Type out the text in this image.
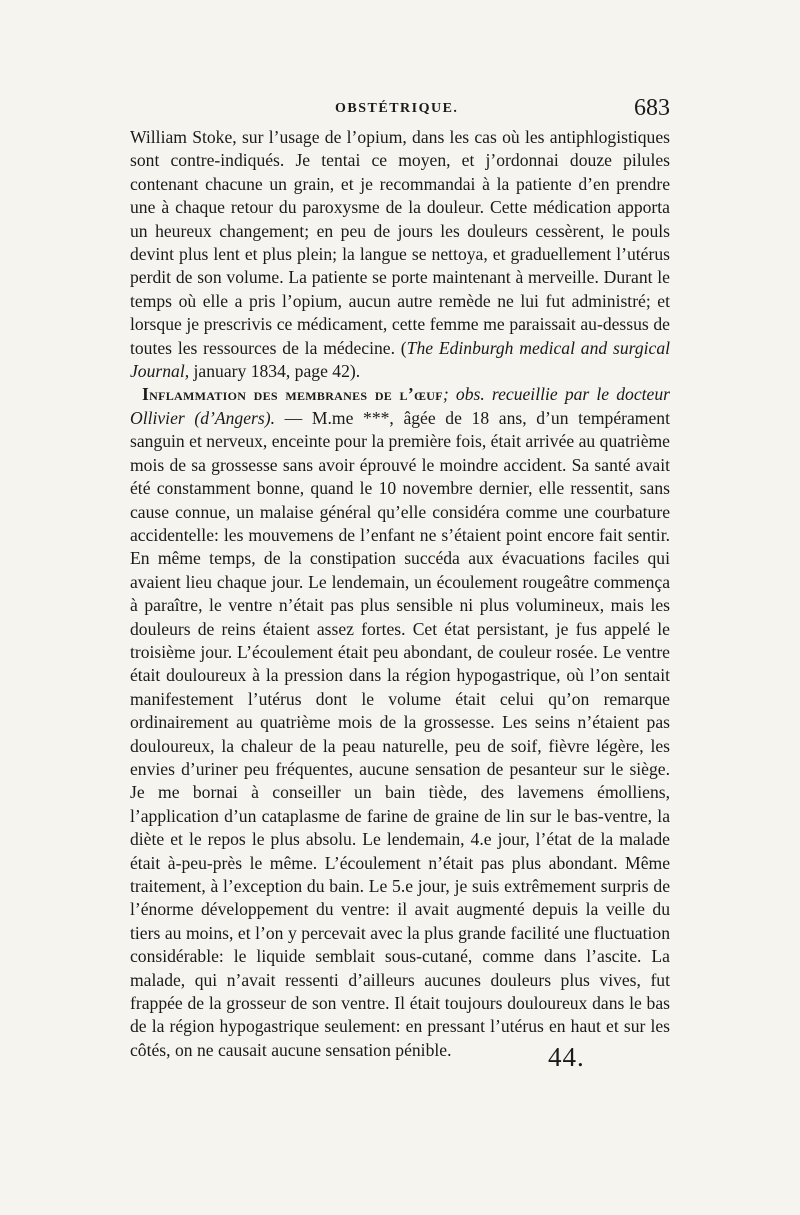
OBSTÉTRIQUE.	683

William Stoke, sur l’usage de l’opium, dans les cas où les antiphlogistiques sont contre-indiqués. Je tentai ce moyen, et j’ordonnai douze pilules contenant chacune un grain, et je recommandai à la patiente d’en prendre une à chaque retour du paroxysme de la douleur. Cette médication apporta un heureux changement; en peu de jours les douleurs cessèrent, le pouls devint plus lent et plus plein; la langue se nettoya, et graduellement l’utérus perdit de son volume. La patiente se porte maintenant à merveille. Durant le temps où elle a pris l’opium, aucun autre remède ne lui fut administré; et lorsque je prescrivis ce médicament, cette femme me paraissait au-dessus de toutes les ressources de la médecine. (The Edinburgh medical and surgical Journal, january 1834, page 42).

Inflammation des membranes de l’œuf; obs. recueillie par le docteur Ollivier (d’Angers). — M.me ***, âgée de 18 ans, d’un tempérament sanguin et nerveux, enceinte pour la première fois, était arrivée au quatrième mois de sa grossesse sans avoir éprouvé le moindre accident. Sa santé avait été constamment bonne, quand le 10 novembre dernier, elle ressentit, sans cause connue, un malaise général qu’elle considéra comme une courbature accidentelle: les mouvemens de l’enfant ne s’étaient point encore fait sentir. En même temps, de la constipation succéda aux évacuations faciles qui avaient lieu chaque jour. Le lendemain, un écoulement rougeâtre commença à paraître, le ventre n’était pas plus sensible ni plus volumineux, mais les douleurs de reins étaient assez fortes. Cet état persistant, je fus appelé le troisième jour. L’écoulement était peu abondant, de couleur rosée. Le ventre était douloureux à la pression dans la région hypogastrique, où l’on sentait manifestement l’utérus dont le volume était celui qu’on remarque ordinairement au quatrième mois de la grossesse. Les seins n’étaient pas douloureux, la chaleur de la peau naturelle, peu de soif, fièvre légère, les envies d’uriner peu fréquentes, aucune sensation de pesanteur sur le siège. Je me bornai à conseiller un bain tiède, des lavemens émolliens, l’application d’un cataplasme de farine de graine de lin sur le bas-ventre, la diète et le repos le plus absolu. Le lendemain, 4.e jour, l’état de la malade était à-peu-près le même. L’écoulement n’était pas plus abondant. Même traitement, à l’exception du bain. Le 5.e jour, je suis extrêmement surpris de l’énorme développement du ventre: il avait augmenté depuis la veille du tiers au moins, et l’on y percevait avec la plus grande facilité une fluctuation considérable: le liquide semblait sous-cutané, comme dans l’ascite. La malade, qui n’avait ressenti d’ailleurs aucunes douleurs plus vives, fut frappée de la grosseur de son ventre. Il était toujours douloureux dans le bas de la région hypogastrique seulement: en pressant l’utérus en haut et sur les côtés, on ne causait aucune sensation pénible.	44.
